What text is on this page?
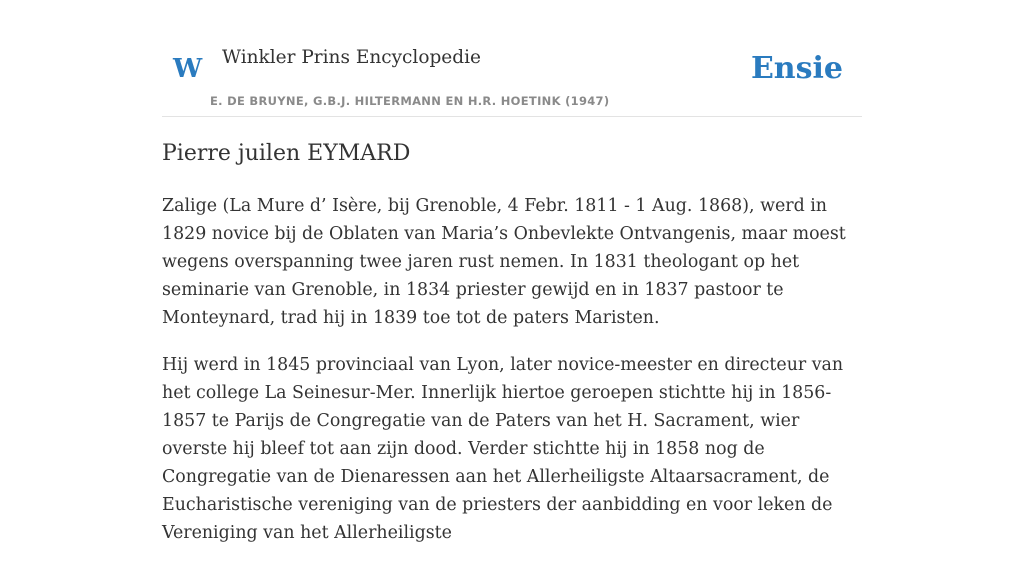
W Winkler Prins Encyclopedie
E. DE BRUYNE, G.B.J. HILTERMANN EN H.R. HOETINK (1947)
Ensie
Pierre juilen EYMARD

Zalige (La Mure d’ Isère, bij Grenoble, 4 Febr. 1811 - 1 Aug. 1868), werd in 1829 novice bij de Oblaten van Maria’s Onbevlekte Ontvangenis, maar moest wegens overspanning twee jaren rust nemen. In 1831 theologant op het seminarie van Grenoble, in 1834 priester gewijd en in 1837 pastoor te Monteynard, trad hij in 1839 toe tot de paters Maristen.

Hij werd in 1845 provinciaal van Lyon, later novice-meester en directeur van het college La Seinesur-Mer. Innerlijk hiertoe geroepen stichtte hij in 1856-1857 te Parijs de Congregatie van de Paters van het H. Sacrament, wier overste hij bleef tot aan zijn dood. Verder stichtte hij in 1858 nog de Congregatie van de Dienaressen aan het Allerheiligste Altaarsacrament, de Eucharistische vereniging van de priesters der aanbidding en voor leken de Vereniging van het Allerheiligste
